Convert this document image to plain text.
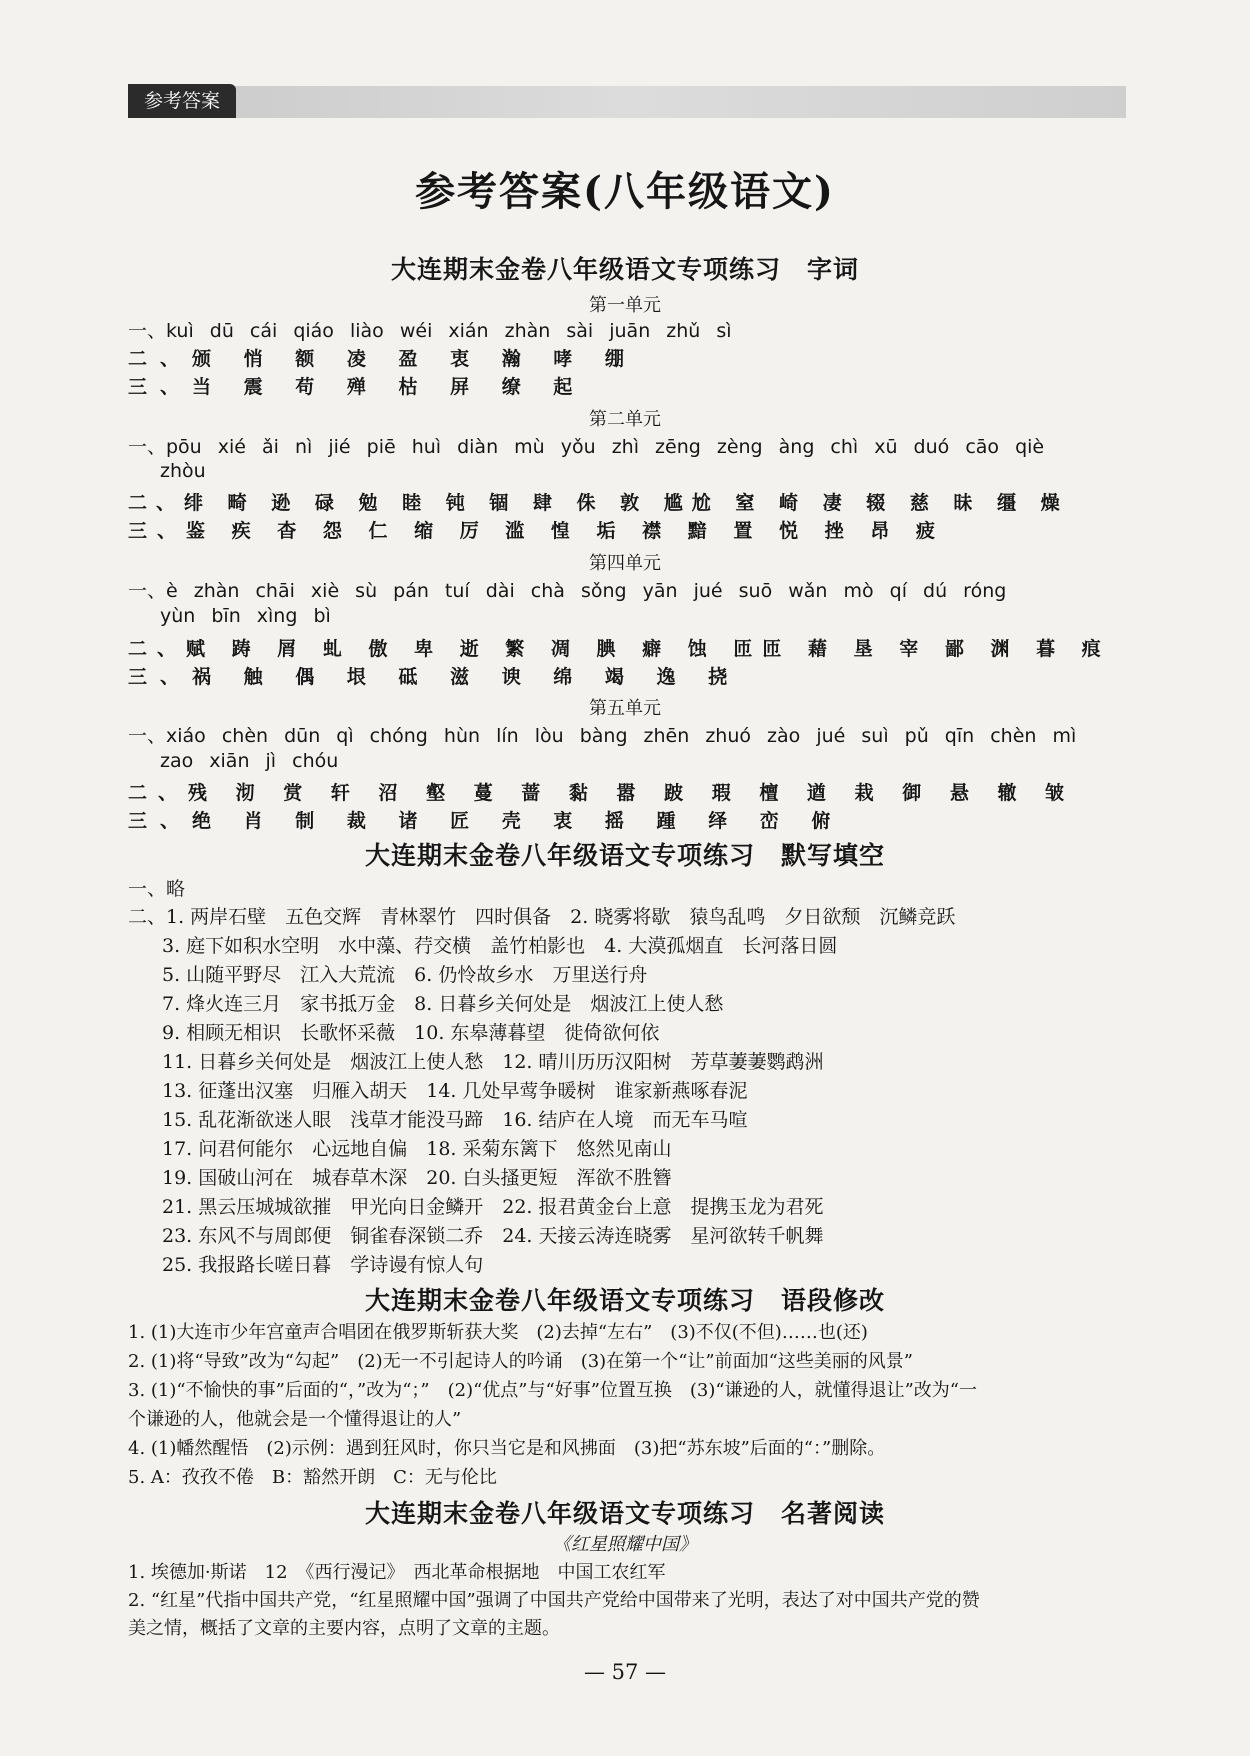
参考答案
参考答案(八年级语文)
大连期末金卷八年级语文专项练习　字词
第一单元
一、kuì dū cái qiáo liào wéi xián zhàn sài juān zhǔ sì
二、颁 悄 额 凌 盈 衷 瀚 哮 绷
三、当 震 苟 殚 枯 屏 缭 起
第二单元
一、pōu xié ǎi nì jié piē huì diàn mù yǒu zhì zēng zèng àng chì xū duó cāo qiè
zhòu
二、绯 畸 逊 碌 勉 睦 钝 锢 肆 侏 敦 尴尬 窒 崎 凄 辍 慈 昧 缰 燥
三、鉴 疾 杳 怨 仁 缩 厉 滥 惶 垢 襟 黯 置 悦 挫 昂 疲
第四单元
一、è zhàn chāi xiè sù pán tuí dài chà sǒng yān jué suō wǎn mò qí dú róng
yùn bīn xìng bì
二、赋 踌 屑 虬 傲 卑 逝 繁 凋 腆 癖 蚀 匝匝 藉 垦 宰 鄙 渊 暮 痕
三、祸 触 偶 垠 砥 滋 谀 绵 竭 逸 挠
第五单元
一、xiáo chèn dūn qì chóng hùn lín lòu bàng zhēn zhuó zào jué suì pǔ qīn chèn mì
zao xiān jì chóu
二、残 沏 赏 轩 沼 壑 蔓 蔷 黏 嚣 跛 瑕 檀 遒 栽 御 悬 辙 皱
三、绝 肖 制 裁 诸 匠 壳 衷 摇 踵 绎 峦 俯
大连期末金卷八年级语文专项练习　默写填空
一、略
二、1. 两岸石壁　五色交辉　青林翠竹　四时俱备　2. 晓雾将歇　猿鸟乱鸣　夕日欲颓　沉鳞竞跃
3. 庭下如积水空明　水中藻、荇交横　盖竹柏影也　4. 大漠孤烟直　长河落日圆
5. 山随平野尽　江入大荒流　6. 仍怜故乡水　万里送行舟
7. 烽火连三月　家书抵万金　8. 日暮乡关何处是　烟波江上使人愁
9. 相顾无相识　长歌怀采薇　10. 东皋薄暮望　徙倚欲何依
11. 日暮乡关何处是　烟波江上使人愁　12. 晴川历历汉阳树　芳草萋萋鹦鹉洲
13. 征蓬出汉塞　归雁入胡天　14. 几处早莺争暖树　谁家新燕啄春泥
15. 乱花渐欲迷人眼　浅草才能没马蹄　16. 结庐在人境　而无车马喧
17. 问君何能尔　心远地自偏　18. 采菊东篱下　悠然见南山
19. 国破山河在　城春草木深　20. 白头搔更短　浑欲不胜簪
21. 黑云压城城欲摧　甲光向日金鳞开　22. 报君黄金台上意　提携玉龙为君死
23. 东风不与周郎便　铜雀春深锁二乔　24. 天接云涛连晓雾　星河欲转千帆舞
25. 我报路长嗟日暮　学诗谩有惊人句
大连期末金卷八年级语文专项练习　语段修改
1. (1)大连市少年宫童声合唱团在俄罗斯斩获大奖　(2)去掉“左右”　(3)不仅(不但)……也(还)
2. (1)将“导致”改为“勾起”　(2)无一不引起诗人的吟诵　(3)在第一个“让”前面加“这些美丽的风景”
3. (1)“不愉快的事”后面的“，”改为“；”　(2)“优点”与“好事”位置互换　(3)“谦逊的人，就懂得退让”改为“一
个谦逊的人，他就会是一个懂得退让的人”
4. (1)幡然醒悟　(2)示例：遇到狂风时，你只当它是和风拂面　(3)把“苏东坡”后面的“：”删除。
5. A：孜孜不倦　B：豁然开朗　C：无与伦比
大连期末金卷八年级语文专项练习　名著阅读
《红星照耀中国》
1. 埃德加·斯诺　12　《西行漫记》　西北革命根据地　中国工农红军
2. “红星”代指中国共产党，“红星照耀中国”强调了中国共产党给中国带来了光明，表达了对中国共产党的赞
美之情，概括了文章的主要内容，点明了文章的主题。
— 57 —
